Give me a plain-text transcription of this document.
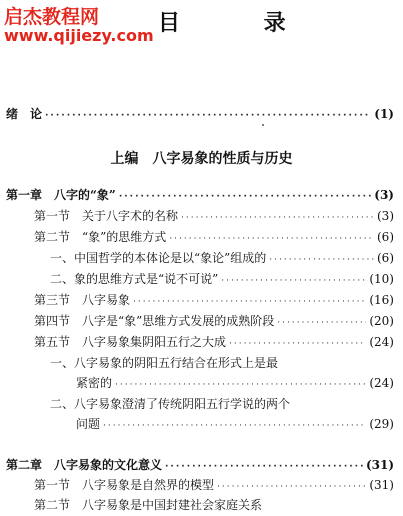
启杰教程网
www.qijiezy.com 目 录
绪　论 ·····	(1)
上编　八字易象的性质与历史
第一章　八字的“象” ·····	(3)
第一节　关于八字术的名称 ·····	(3)
第二节　“象”的思维方式 ·····	(6)
一、中国哲学的本体论是以“象论”组成的 ·····	(6)
二、象的思维方式是“说不可说” ·····	(10)
第三节　八字易象 ·····	(16)
第四节　八字是“象”思维方式发展的成熟阶段 ·····	(20)
第五节　八字易象集阴阳五行之大成 ·····	(24)
一、八字易象的阴阳五行结合在形式上是最
紧密的 ·····	(24)
二、八字易象澄清了传统阴阳五行学说的两个
问题 ·····	(29)
第二章　八字易象的文化意义 ·····	(31)
第一节　八字易象是自然界的模型 ·····	(31)
第二节　八字易象是中国封建社会家庭关系
